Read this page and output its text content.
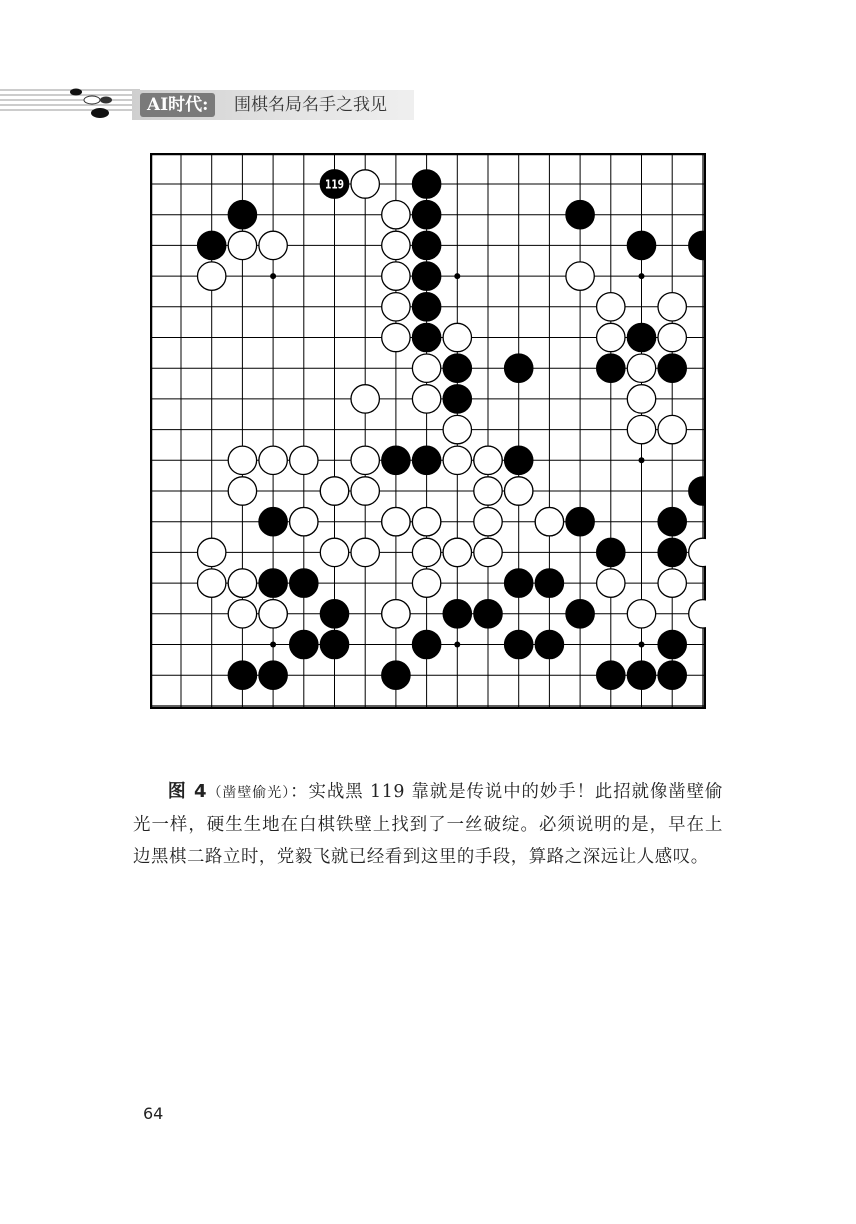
AI时代:	围棋名局名手之我见
119

图 4（凿壁偷光）：实战黑 119 靠就是传说中的妙手！此招就像凿壁偷光一样，硬生生地在白棋铁壁上找到了一丝破绽。必须说明的是，早在上边黑棋二路立时，党毅飞就已经看到这里的手段，算路之深远让人感叹。

64
